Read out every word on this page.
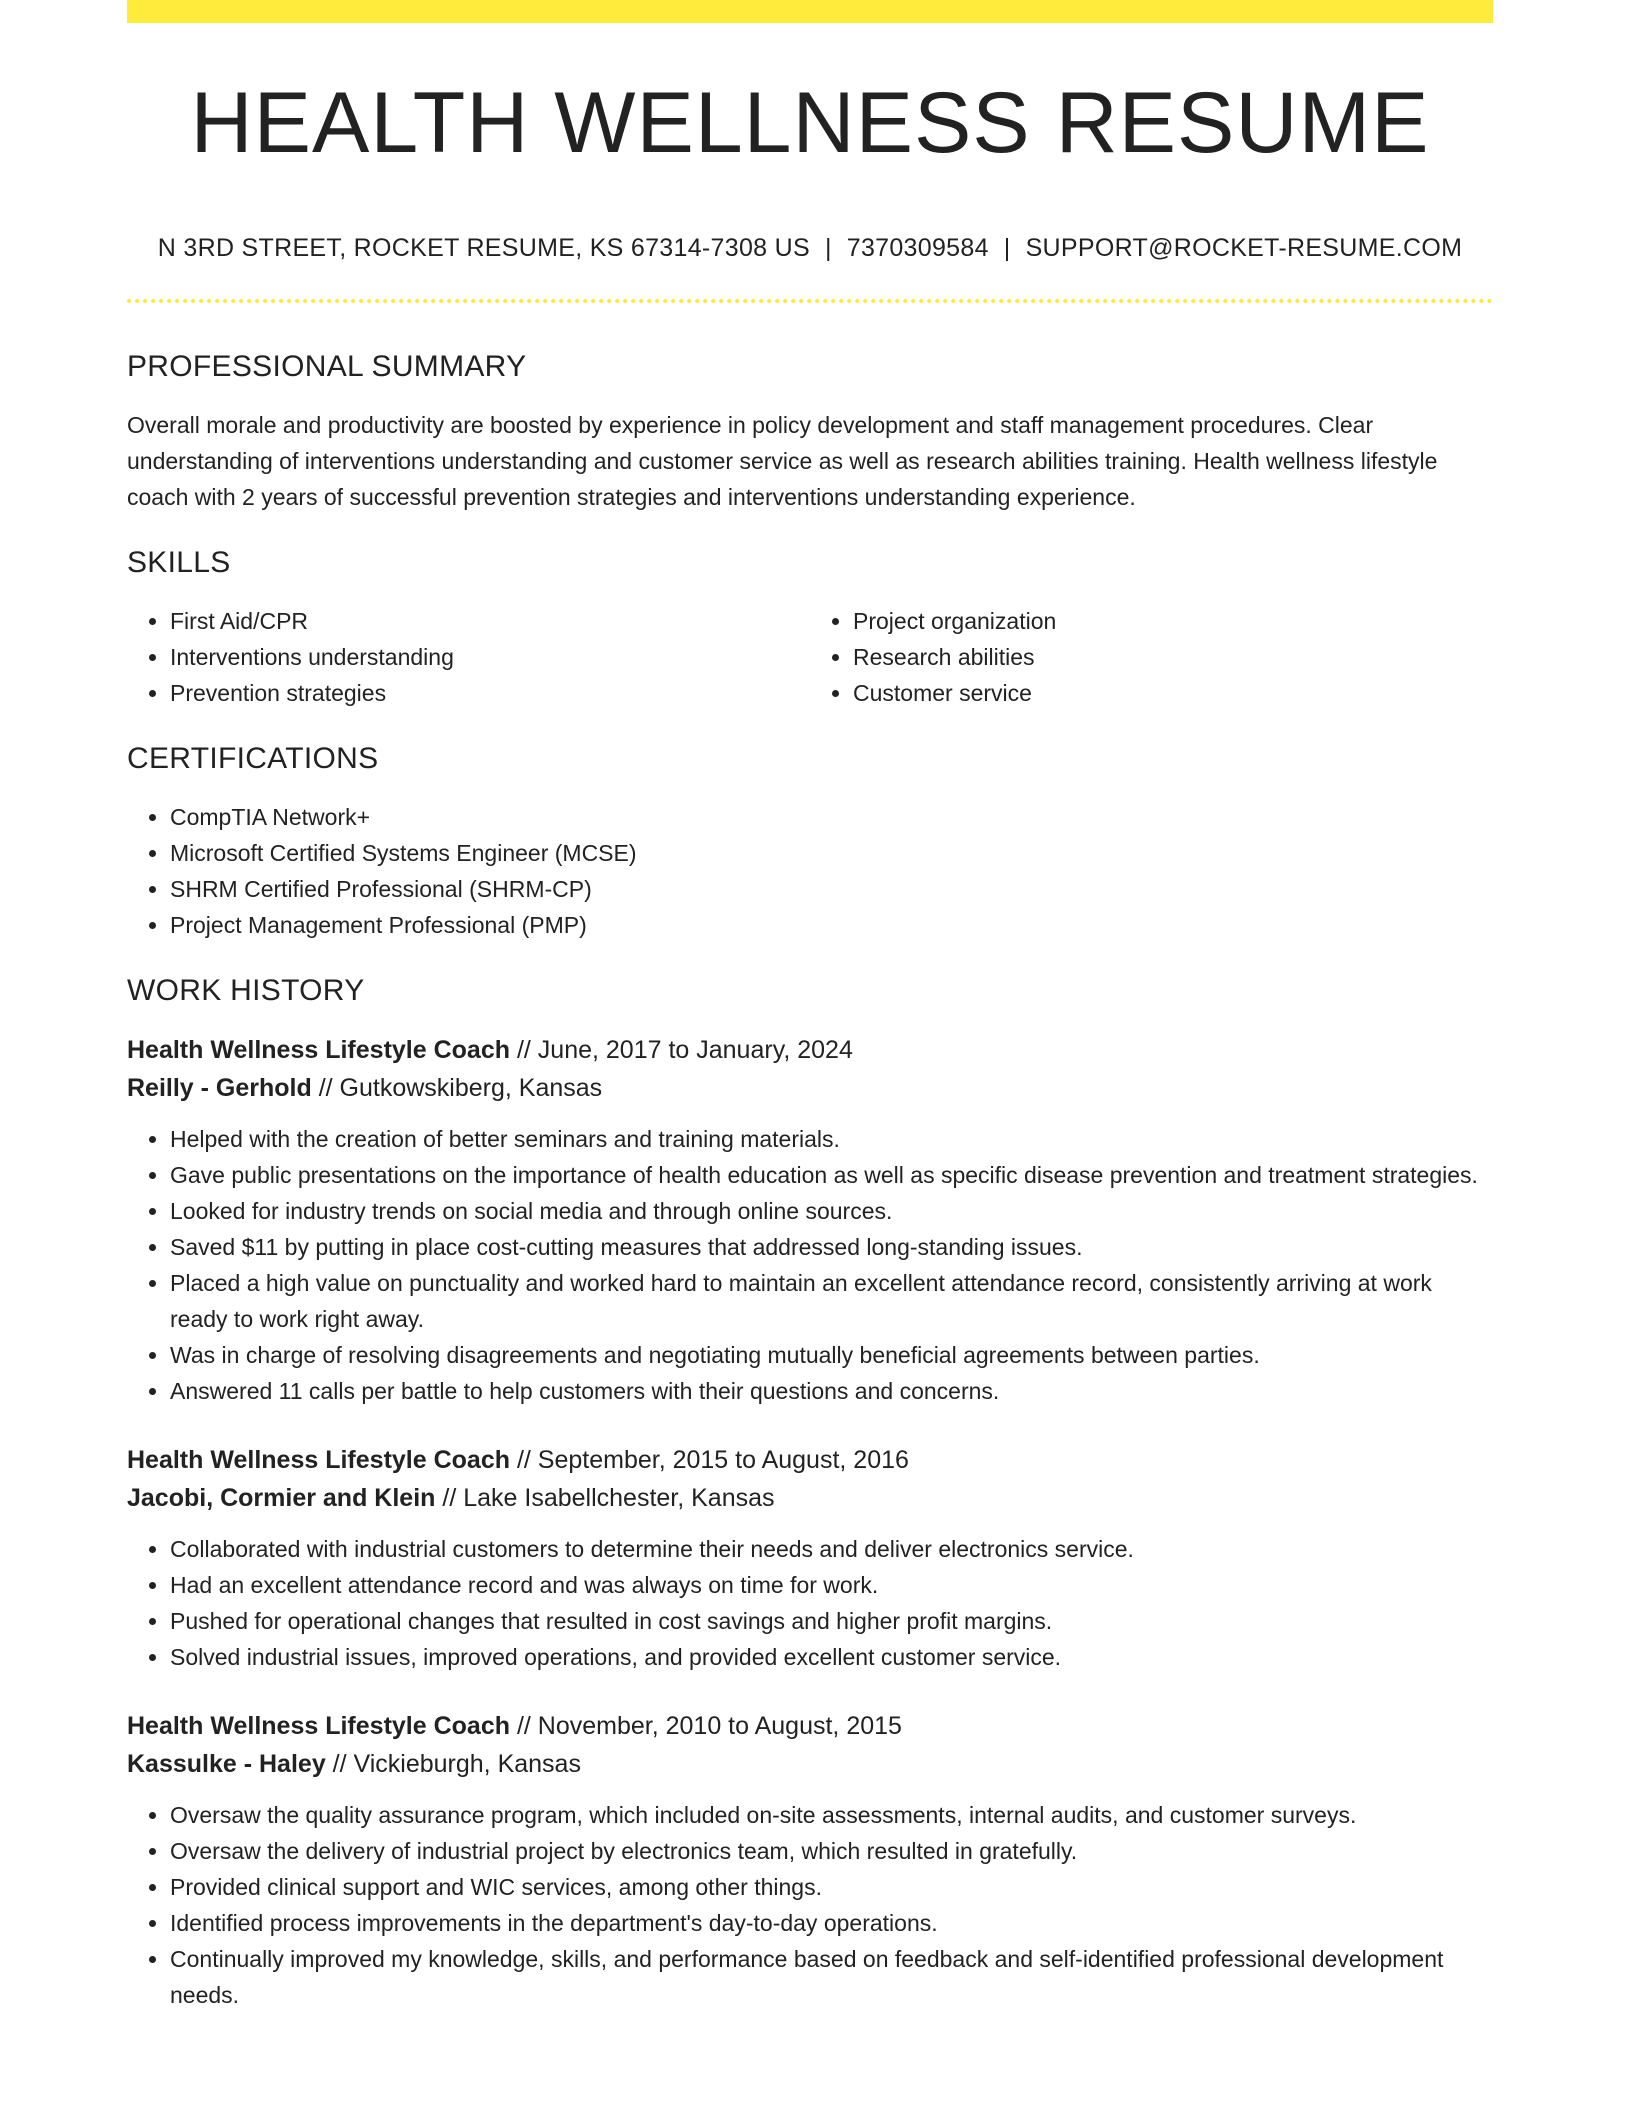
HEALTH WELLNESS RESUME
N 3RD STREET, ROCKET RESUME, KS 67314-7308 US | 7370309584 | SUPPORT@ROCKET-RESUME.COM
PROFESSIONAL SUMMARY

Overall morale and productivity are boosted by experience in policy development and staff management procedures. Clear understanding of interventions understanding and customer service as well as research abilities training. Health wellness lifestyle coach with 2 years of successful prevention strategies and interventions understanding experience.

SKILLS
• First Aid/CPR
• Interventions understanding
• Prevention strategies
• Project organization
• Research abilities
• Customer service
CERTIFICATIONS
• CompTIA Network+
• Microsoft Certified Systems Engineer (MCSE)
• SHRM Certified Professional (SHRM-CP)
• Project Management Professional (PMP)
WORK HISTORY

Health Wellness Lifestyle Coach // June, 2017 to January, 2024

Reilly - Gerhold // Gutkowskiberg, Kansas

• Helped with the creation of better seminars and training materials.
• Gave public presentations on the importance of health education as well as specific disease prevention and treatment strategies.
• Looked for industry trends on social media and through online sources.
• Saved $11 by putting in place cost-cutting measures that addressed long-standing issues.
• Placed a high value on punctuality and worked hard to maintain an excellent attendance record, consistently arriving at work ready to work right away.
• Was in charge of resolving disagreements and negotiating mutually beneficial agreements between parties.
• Answered 11 calls per battle to help customers with their questions and concerns.

Health Wellness Lifestyle Coach // September, 2015 to August, 2016

Jacobi, Cormier and Klein // Lake Isabellchester, Kansas

• Collaborated with industrial customers to determine their needs and deliver electronics service.
• Had an excellent attendance record and was always on time for work.
• Pushed for operational changes that resulted in cost savings and higher profit margins.
• Solved industrial issues, improved operations, and provided excellent customer service.

Health Wellness Lifestyle Coach // November, 2010 to August, 2015

Kassulke - Haley // Vickieburgh, Kansas

• Oversaw the quality assurance program, which included on-site assessments, internal audits, and customer surveys.
• Oversaw the delivery of industrial project by electronics team, which resulted in gratefully.
• Provided clinical support and WIC services, among other things.
• Identified process improvements in the department's day-to-day operations.
• Continually improved my knowledge, skills, and performance based on feedback and self-identified professional development needs.
